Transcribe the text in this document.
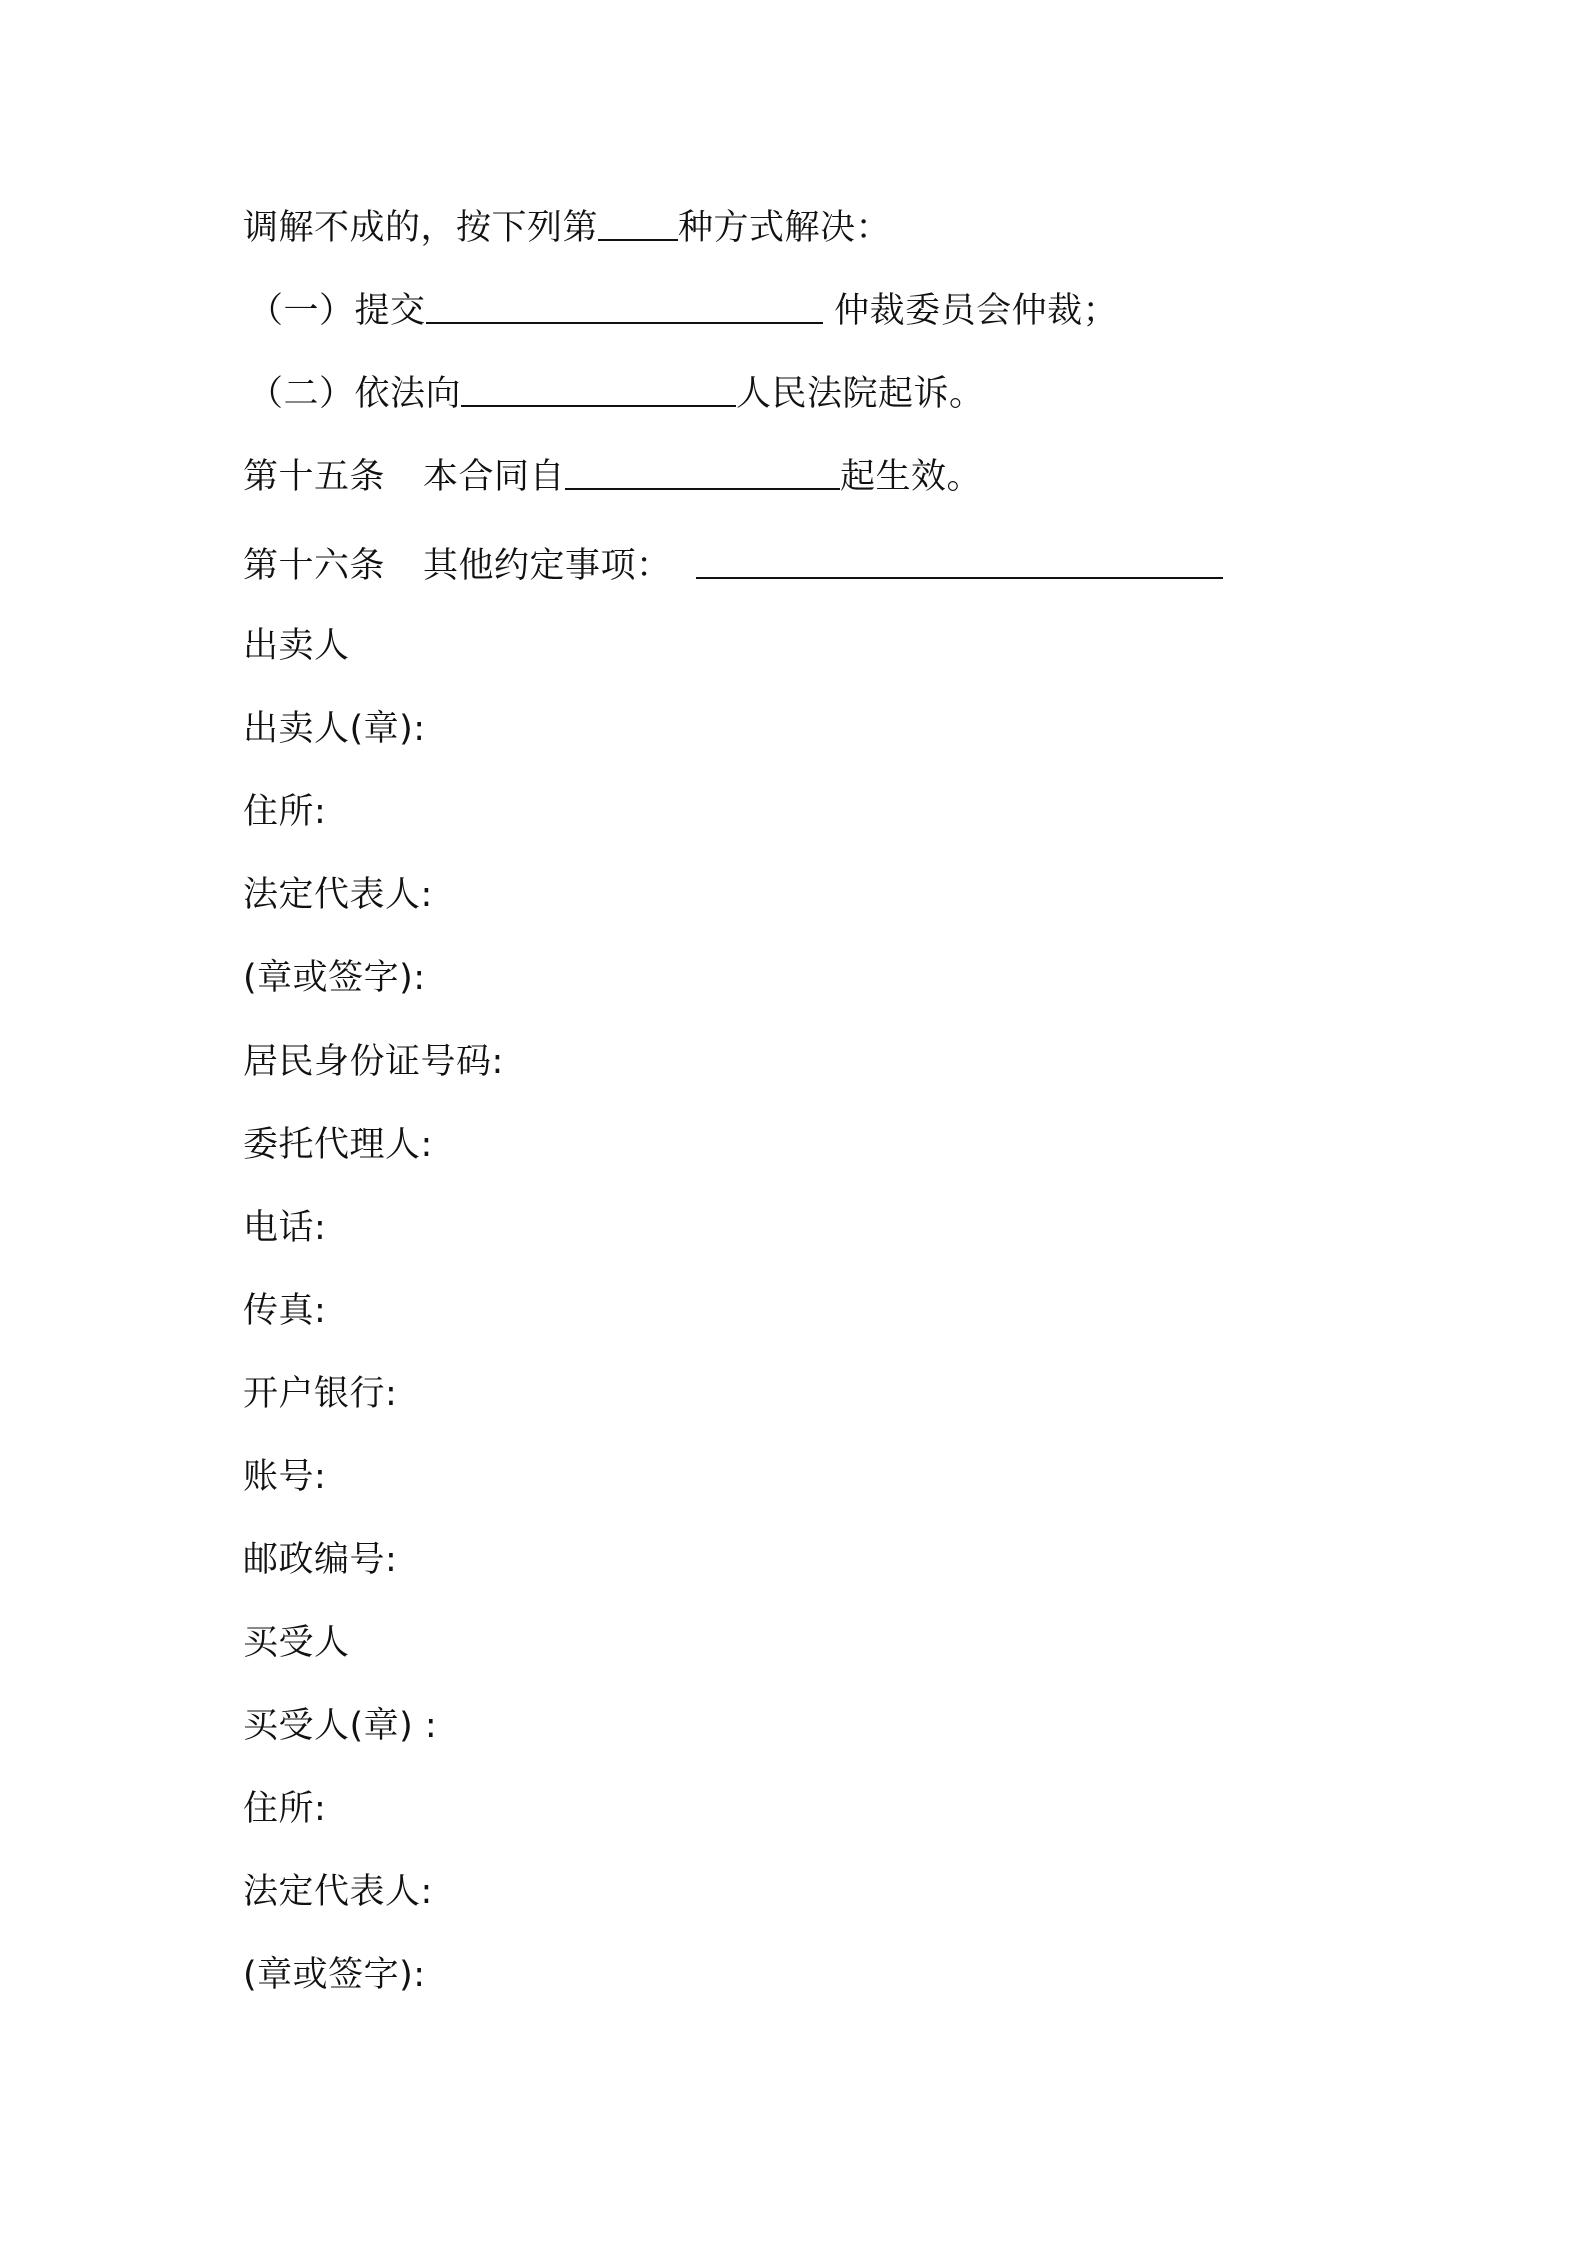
调解不成的，按下列第 种方式解决：
（一）提交	仲裁委员会仲裁；
（二）依法向	人民法院起诉。
第十五条 本合同自	起生效。
第十六条 其他约定事项：
出卖人
出卖人(章):
住所:
法定代表人:
(章或签字):
居民身份证号码:
委托代理人:
电话:
传真:
开户银行:
账号:
邮政编号:
买受人
买受人(章) :
住所:
法定代表人:
(章或签字):
